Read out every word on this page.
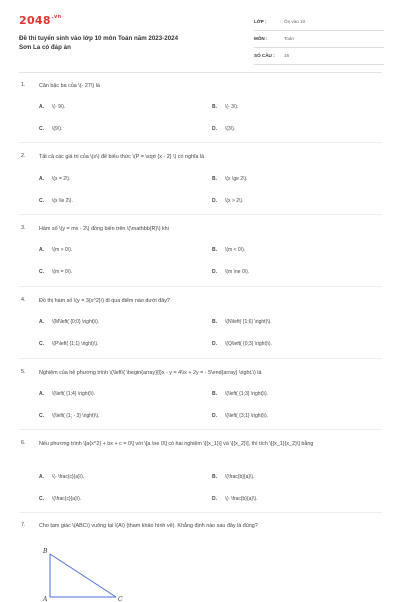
$2048^{.vn}$
Đề thi tuyển sinh vào lớp 10 môn Toán năm 2023-2024
Sơn La có đáp án
LỚP :	Ôn vào 10
MÔN :	Toán
SỐ CÂU : 16
1.	Căn bậc ba của \(- 27\) là
A. \(- 9\).	B. \(- 3\).
C. \(9\).	D. \(3\).
2.	Tất cả các giá trị của \(x\) để biểu thức \(P = \sqrt {x - 2} \) có nghĩa là
A. \(x = 2\).	B. \(x \ge 2\).
C. \(x \le 2\).	D. \(x > 2\).
3.	Hàm số \(y = mx - 2\) đồng biến trên \(\mathbb{R}\) khi
A. \(m > 0\).	B. \(m < 0\).
C. \(m = 0\).	D. \(m \ne 0\).
4.	Đồ thị hàm số \(y = 3{x^2}\) đi qua điểm nào dưới đây?
A. \(M\left( {0;0} \right)\).	B. \(N\left( {1;6} \right)\).
C. \(P\left( {1;1} \right)\).	D. \(Q\left( {0;3} \right)\).
5.	Nghiệm của hệ phương trình \(\left\{ \begin{array}{l}x - y = 4\\x + 2y = - 5\end{array} \right.\) là
A. \(\left( {1;4} \right)\).	B. \(\left( {1;3} \right)\).
C. \(\left( {1; - 3} \right)\).	D. \(\left( {3;1} \right)\).
6.	Nếu phương trình \[a{x^2} + bx + c = 0\] với \[a \ne 0\] có hai nghiệm \[{x_1}\] và \[{x_2}\], thì tích \[{x_1}{x_2}\] bằng
A. \(- \frac{c}{a}\).	B. \(\frac{b}{a}\).
C. \(\frac{c}{a}\).	D. \(- \frac{b}{a}\).
7.	Cho tam giác \(ABC\) vuông tại \(A\) (tham khảo hình vẽ). Khẳng định nào sau đây là đúng?
B
A	C
